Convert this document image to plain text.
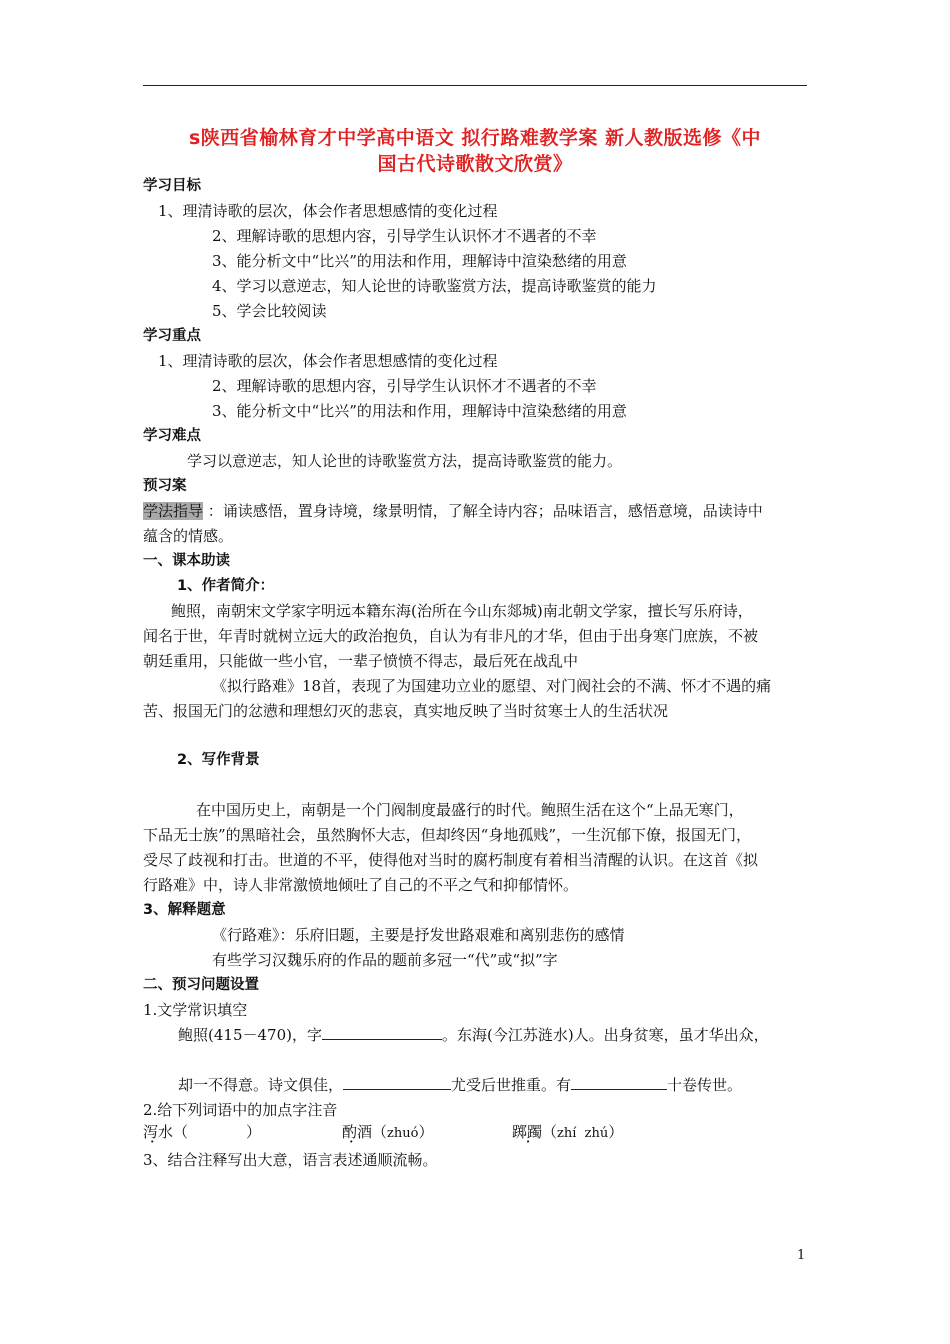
s陕西省榆林育才中学高中语文 拟行路难教学案 新人教版选修《中
国古代诗歌散文欣赏》
学习目标
1、理清诗歌的层次，体会作者思想感情的变化过程
2、理解诗歌的思想内容，引导学生认识怀才不遇者的不幸
3、能分析文中“比兴”的用法和作用，理解诗中渲染愁绪的用意
4、学习以意逆志，知人论世的诗歌鉴赏方法，提高诗歌鉴赏的能力
5、学会比较阅读
学习重点
1、理清诗歌的层次，体会作者思想感情的变化过程
2、理解诗歌的思想内容，引导学生认识怀才不遇者的不幸
3、能分析文中“比兴”的用法和作用，理解诗中渲染愁绪的用意
学习难点
学习以意逆志，知人论世的诗歌鉴赏方法，提高诗歌鉴赏的能力。
预习案
学法指导 ：诵读感悟，置身诗境，缘景明情，了解全诗内容；品味语言，感悟意境，品读诗中
蕴含的情感。
一、课本助读
1、作者简介：
鲍照，南朝宋文学家字明远本籍东海(治所在今山东郯城)南北朝文学家，擅长写乐府诗，
闻名于世，年青时就树立远大的政治抱负，自认为有非凡的才华，但由于出身寒门庶族，不被
朝廷重用，只能做一些小官，一辈子愤愤不得志，最后死在战乱中
《拟行路难》18首，表现了为国建功立业的愿望、对门阀社会的不满、怀才不遇的痛
苦、报国无门的忿懑和理想幻灭的悲哀，真实地反映了当时贫寒士人的生活状况
2、写作背景
在中国历史上，南朝是一个门阀制度最盛行的时代。鲍照生活在这个“上品无寒门，
下品无士族”的黑暗社会，虽然胸怀大志，但却终因“身地孤贱”，一生沉郁下僚，报国无门，
受尽了歧视和打击。世道的不平，使得他对当时的腐朽制度有着相当清醒的认识。在这首《拟
行路难》中，诗人非常激愤地倾吐了自己的不平之气和抑郁情怀。
3、解释题意
《行路难》：乐府旧题，主要是抒发世路艰难和离别悲伤的感情
有些学习汉魏乐府的作品的题前多冠一“代”或“拟”字
二、预习问题设置
1.文学常识填空
鲍照(415－470)，字	。东海(今江苏涟水)人。出身贫寒，虽才华出众，
却一不得意。诗文俱佳，	尤受后世推重。有	十卷传世。
2.给下列词语中的加点字注音
泻水（	）	酌酒（zhuó）	踯躅（zhí  zhú）
3、结合注释写出大意，语言表述通顺流畅。
1
